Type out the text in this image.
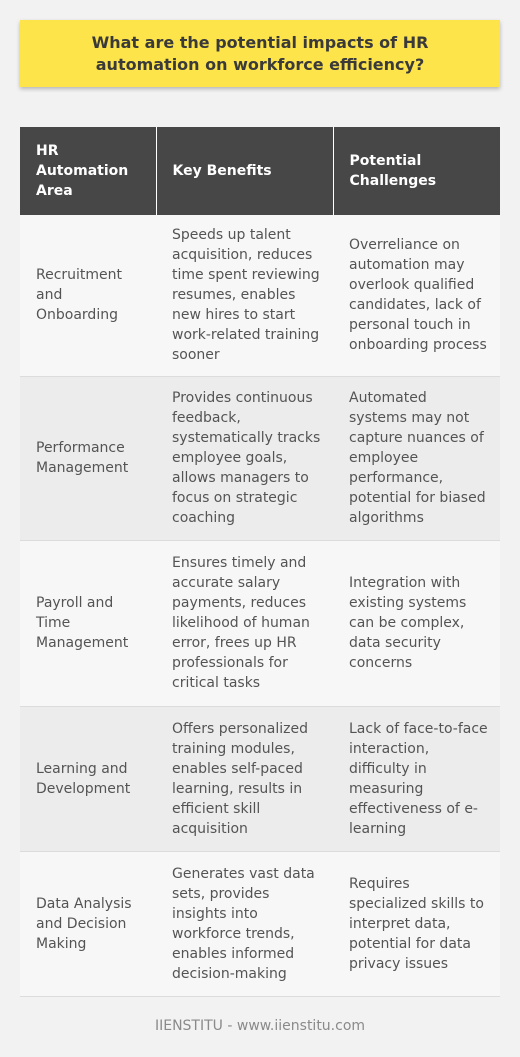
What are the potential impacts of HR automation on workforce efficiency?
HR Automation Area	Key Benefits	Potential Challenges
Recruitment and Onboarding	Speeds up talent acquisition, reduces time spent reviewing resumes, enables new hires to start work-related training sooner	Overreliance on automation may overlook qualified candidates, lack of personal touch in onboarding process
Performance Management	Provides continuous feedback, systematically tracks employee goals, allows managers to focus on strategic coaching	Automated systems may not capture nuances of employee performance, potential for biased algorithms
Payroll and Time Management	Ensures timely and accurate salary payments, reduces likelihood of human error, frees up HR professionals for critical tasks	Integration with existing systems can be complex, data security concerns
Learning and Development	Offers personalized training modules, enables self-paced learning, results in efficient skill acquisition	Lack of face-to-face interaction, difficulty in measuring effectiveness of e-learning
Data Analysis and Decision Making	Generates vast data sets, provides insights into workforce trends, enables informed decision-making	Requires specialized skills to interpret data, potential for data privacy issues
IIENSTITU - www.iienstitu.com
